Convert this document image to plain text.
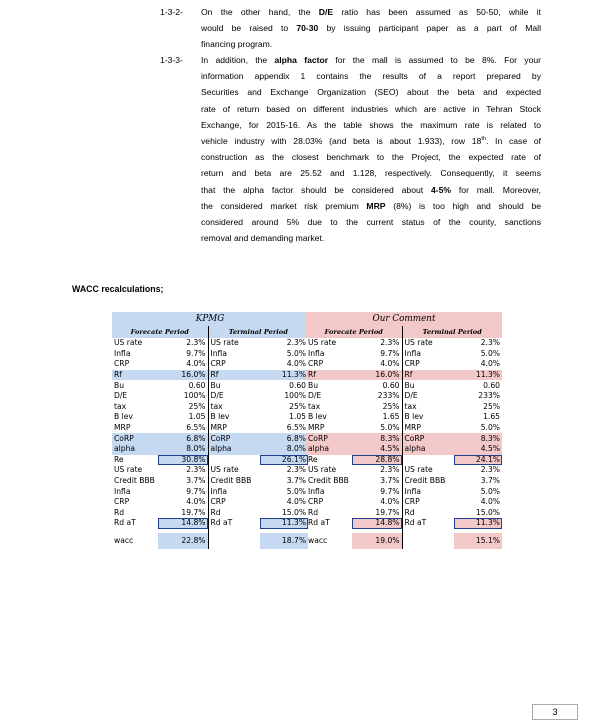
1-3-2-	On the other hand, the D/E ratio has been assumed as 50-50, while it
would be raised to 70-30 by issuing participant paper as a part of Mall
financing program.
1-3-3-	In addition, the alpha factor for the mall is assumed to be 8%. For your
information appendix 1 contains the results of a report prepared by
Securities and Exchange Organization (SEO) about the beta and expected
rate of return based on different industries which are active in Tehran Stock
Exchange, for 2015-16. As the table shows the maximum rate is related to
vehicle industry with 28.03% (and beta is about 1.933), row 18th. In case of
construction as the closest benchmark to the Project, the expected rate of
return and beta are 25.52 and 1.128, respectively. Consequently, it seems
that the alpha factor should be considered about 4-5% for mall. Moreover,
the considered market risk premium MRP (8%) is too high and should be
considered around 5% due to the current status of the county, sanctions
removal and demanding market.
WACC recalculations;
KPMG			
Forecate Period		Terminal Period	
US rate	2.3%	US rate	2.3%
Infla	9.7%	Infla	5.0%
CRP	4.0%	CRP	4.0%
Rf	16.0%	Rf	11.3%
Bu	0.60	Bu	0.60
D/E	100%	D/E	100%
tax	25%	tax	25%
B lev	1.05	B lev	1.05
MRP	6.5%	MRP	6.5%
CoRP	6.8%	CoRP	6.8%
alpha	8.0%	alpha	8.0%
Re	30.8%		26.1%
US rate	2.3%	US rate	2.3%
Credit BBB	3.7%	Credit BBB	3.7%
Infla	9.7%	Infla	5.0%
CRP	4.0%	CRP	4.0%
Rd	19.7%	Rd	15.0%
Rd aT	14.8%	Rd aT	11.3%

wacc	22.8%		18.7%
Our Comment			
Forecate Period		Terminal Period	
US rate	2.3%	US rate	2.3%
Infla	9.7%	Infla	5.0%
CRP	4.0%	CRP	4.0%
Rf	16.0%	Rf	11.3%
Bu	0.60	Bu	0.60
D/E	233%	D/E	233%
tax	25%	tax	25%
B lev	1.65	B lev	1.65
MRP	5.0%	MRP	5.0%
CoRP	8.3%	CoRP	8.3%
alpha	4.5%	alpha	4.5%
Re	28.8%		24.1%
US rate	2.3%	US rate	2.3%
Credit BBB	3.7%	Credit BBB	3.7%
Infla	9.7%	Infla	5.0%
CRP	4.0%	CRP	4.0%
Rd	19.7%	Rd	15.0%
Rd aT	14.8%	Rd aT	11.3%

wacc	19.0%		15.1%
3
